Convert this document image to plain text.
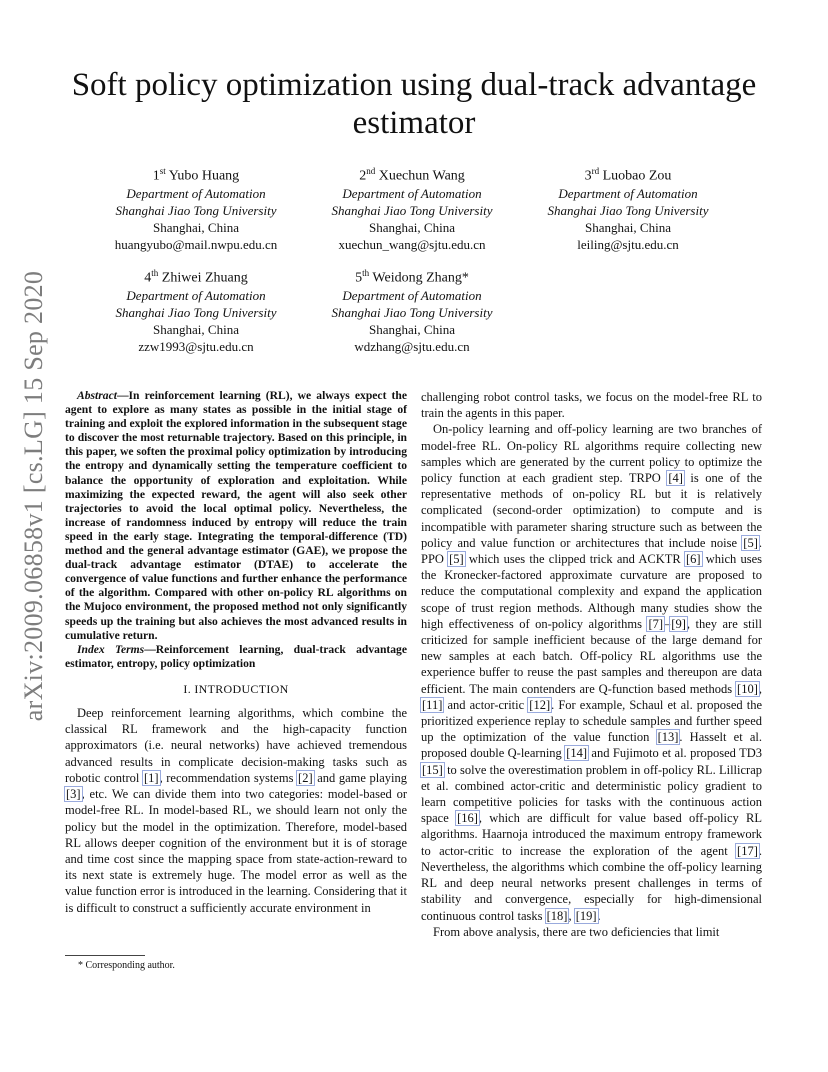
arXiv:2009.06858v1 [cs.LG] 15 Sep 2020
Soft policy optimization using dual-track advantage estimator
1st Yubo Huang
Department of Automation
Shanghai Jiao Tong University
Shanghai, China
huangyubo@mail.nwpu.edu.cn
2nd Xuechun Wang
Department of Automation
Shanghai Jiao Tong University
Shanghai, China
xuechun_wang@sjtu.edu.cn
3rd Luobao Zou
Department of Automation
Shanghai Jiao Tong University
Shanghai, China
leiling@sjtu.edu.cn
4th Zhiwei Zhuang
Department of Automation
Shanghai Jiao Tong University
Shanghai, China
zzw1993@sjtu.edu.cn
5th Weidong Zhang*
Department of Automation
Shanghai Jiao Tong University
Shanghai, China
wdzhang@sjtu.edu.cn

Abstract—In reinforcement learning (RL), we always expect the agent to explore as many states as possible in the initial stage of training and exploit the explored information in the subsequent stage to discover the most returnable trajectory. Based on this principle, in this paper, we soften the proximal policy optimization by introducing the entropy and dynamically setting the temperature coefficient to balance the opportunity of exploration and exploitation. While maximizing the expected reward, the agent will also seek other trajectories to avoid the local optimal policy. Nevertheless, the increase of randomness induced by entropy will reduce the train speed in the early stage. Integrating the temporal-difference (TD) method and the general advantage estimator (GAE), we propose the dual-track advantage estimator (DTAE) to accelerate the convergence of value functions and further enhance the performance of the algorithm. Compared with other on-policy RL algorithms on the Mujoco environment, the proposed method not only significantly speeds up the training but also achieves the most advanced results in cumulative return.

Index Terms—Reinforcement learning, dual-track advantage estimator, entropy, policy optimization

I. INTRODUCTION

Deep reinforcement learning algorithms, which combine the classical RL framework and the high-capacity function approximators (i.e. neural networks) have achieved tremendous advanced results in complicate decision-making tasks such as robotic control [1], recommendation systems [2] and game playing [3], etc. We can divide them into two categories: model-based or model-free RL. In model-based RL, we should learn not only the policy but the model in the optimization. Therefore, model-based RL allows deeper cognition of the environment but it is of storage and time cost since the mapping space from state-action-reward to its next state is extremely huge. The model error as well as the value function error is introduced in the learning. Considering that it is difficult to construct a sufficiently accurate environment in

challenging robot control tasks, we focus on the model-free RL to train the agents in this paper.

On-policy learning and off-policy learning are two branches of model-free RL. On-policy RL algorithms require collecting new samples which are generated by the current policy to optimize the policy function at each gradient step. TRPO [4] is one of the representative methods of on-policy RL but it is relatively complicated (second-order optimization) to compute and is incompatible with parameter sharing structure such as between the policy and value function or architectures that include noise [5]. PPO [5] which uses the clipped trick and ACKTR [6] which uses the Kronecker-factored approximate curvature are proposed to reduce the computational complexity and expand the application scope of trust region methods. Although many studies show the high effectiveness of on-policy algorithms [7]–[9], they are still criticized for sample inefficient because of the large demand for new samples at each batch. Off-policy RL algorithms use the experience buffer to reuse the past samples and thereupon are data efficient. The main contenders are Q-function based methods [10], [11] and actor-critic [12]. For example, Schaul et al. proposed the prioritized experience replay to schedule samples and further speed up the optimization of the value function [13]. Hasselt et al. proposed double Q-learning [14] and Fujimoto et al. proposed TD3 [15] to solve the overestimation problem in off-policy RL. Lillicrap et al. combined actor-critic and deterministic policy gradient to learn competitive policies for tasks with the continuous action space [16], which are difficult for value based off-policy RL algorithms. Haarnoja introduced the maximum entropy framework to actor-critic to increase the exploration of the agent [17]. Nevertheless, the algorithms which combine the off-policy learning RL and deep neural networks present challenges in terms of stability and convergence, especially for high-dimensional continuous control tasks [18], [19].

From above analysis, there are two deficiencies that limit

* Corresponding author.
